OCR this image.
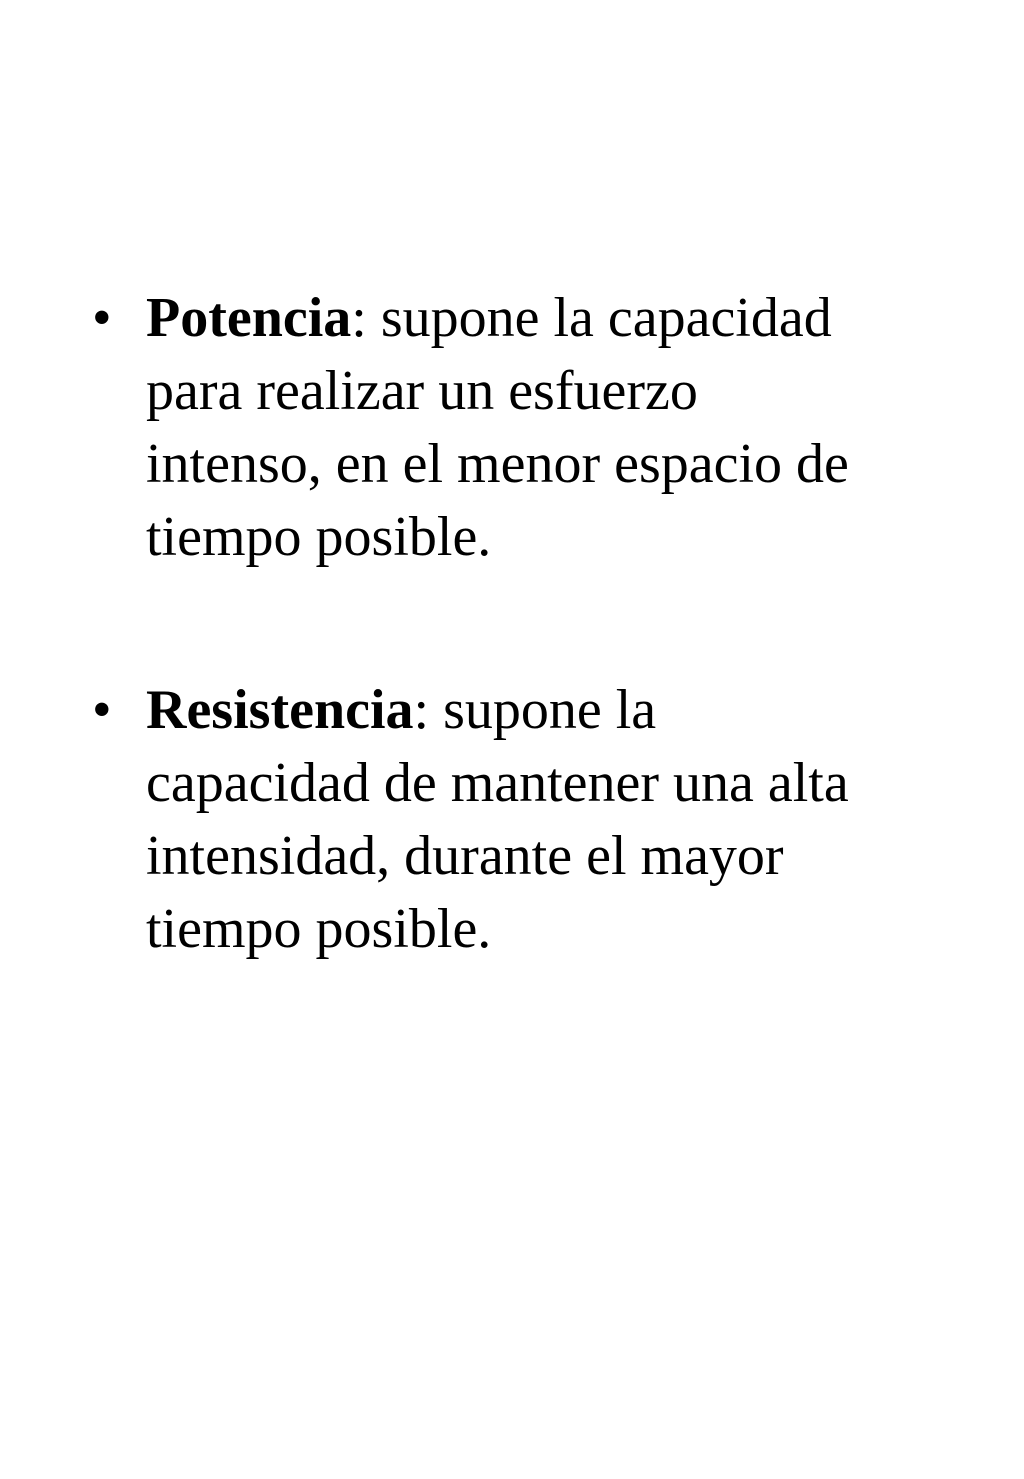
• Potencia: supone la capacidad
para realizar un esfuerzo
intenso, en el menor espacio de
tiempo posible.
• Resistencia: supone la
capacidad de mantener una alta
intensidad, durante el mayor
tiempo posible.
